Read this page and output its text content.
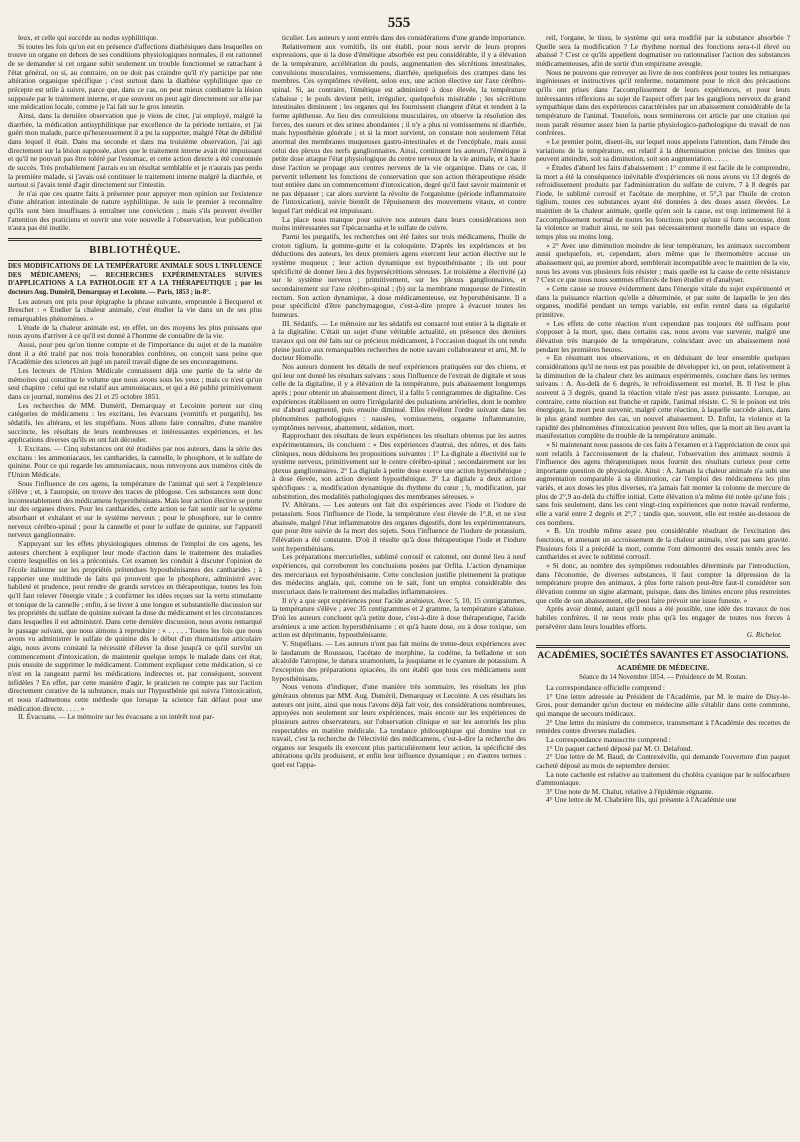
555

leux, et celle qui succède au nodus syphilitique.

Si toutes les fois qu'on est en présence d'affections diathésiques dans lesquelles on trouve un organe en dehors de ses conditions physiologiques normales, il est rationnel de se demander si cet organe subit seulement un trouble fonctionnel se rattachant à l'état général, ou si, au contraire, on ne doit pas craindre qu'il n'y participe par une altération organique spécifique ; c'est surtout dans la diathèse syphilitique que ce précepte est utile à suivre, parce que, dans ce cas, on peut mieux combattre la lésion supposée par le traitement interne, et que souvent on peut agir directement sur elle par une médication locale, comme je l'ai fait sur le gros intestin.

Ainsi, dans la dernière observation que je viens de citer, j'ai employé, malgré la diarrhée, la médication antisyphilitique par excellence de la période tertiaire, et j'ai guéri mon malade, parce qu'heureusement il a pu la supporter, malgré l'état de débilité dans lequel il était. Dans ma seconde et dans ma troisième observation, j'ai agi directement sur la lésion supposée, alors que le traitement interne avait été impuissant et qu'il ne pouvait pas être toléré par l'estomac, et cette action directe a été couronnée de succès. Très probablement j'aurais eu un résultat semblable et je n'aurais pas perdu la première malade, si j'avais osé continuer le traitement interne malgré la diarrhée, et surtout si j'avais tenté d'agir directement sur l'intestin.

Je n'ai que ces quatre faits à présenter pour appuyer mon opinion sur l'existence d'une altération intestinale de nature syphilitique. Je suis le premier à reconnaître qu'ils sont bien insuffisans à entraîner une conviction ; mais s'ils peuvent éveiller l'attention des praticiens et ouvrir une voie nouvelle à l'observation, leur publication n'aura pas été inutile.

BIBLIOTHÈQUE.

DES MODIFICATIONS DE LA TEMPÉRATURE ANIMALE SOUS L'INFLUENCE DES MÉDICAMENS; — RECHERCHES EXPÉRIMENTALES SUIVIES D'APPLICATIONS A LA PATHOLOGIE ET A LA THÉRAPEUTIQUE ; par les docteurs Aug. Duméril, Demarquay et Lecointe. — Paris, 1853 ; in-8°.

Les auteurs ont pris pour épigraphe la phrase suivante, empruntée à Becquerel et Breschet : « Étudier la chaleur animale, c'est étudier la vie dans un de ses plus remarquables phénomènes. »

L'étude de la chaleur animale est, en effet, un des moyens les plus puissans que nous ayons d'arriver à ce qu'il est donné à l'homme de connaître de la vie.

Aussi, pour peu qu'on tienne compte et de l'importance du sujet et de la manière dont il a été traité par nos trois honorables confrères, on conçoit sans peine que l'Académie des sciences ait jugé un pareil travail digne de ses encouragemens.

Les lecteurs de l'Union Médicale connaissent déjà une partie de la série de mémoires qui constitue le volume que nous avons sous les yeux ; mais ce n'est qu'un seul chapitre : celui qui est relatif aux ammoniacaux, et qui a été publié primitivement dans ce journal, numéros des 21 et 25 octobre 1851.

Les recherches de MM. Duméril, Demarquay et Lecointe portent sur cinq catégories de médicamens : les excitans, les évacuans (vomitifs et purgatifs), les sédatifs, les altérans, et les stupéfians. Nous allons faire connaître, d'une manière succincte, les résultats de leurs nombreuses et intéressantes expériences, et les applications diverses qu'ils en ont fait découler.

I. Excitans. — Cinq substances ont été étudiées par nos auteurs, dans la série des excitans : les ammoniacaux, les cantharides, la cannelle, le phosphore, et le sulfate de quinine. Pour ce qui regarde les ammoniacaux, nous renvoyons aux numéros cités de l'Union Médicale.

Sous l'influence de ces agens, la température de l'animal qui sert à l'expérience s'élève ; et, à l'autopsie, on trouve des traces de phlogose. Ces substances sont donc incontestablement des médicamens hypersthénisans. Mais leur action élective se porte sur des organes divers. Pour les cantharides, cette action se fait sentir sur le système absorbant et exhalant et sur le système nerveux ; pour le phosphore, sur le centre nerveux cérébro-spinal ; pour la cannelle et pour le sulfate de quinine, sur l'appareil nerveux ganglionnaire.

S'appuyant sur les effets physiologiques obtenus de l'emploi de ces agens, les auteurs cherchent à expliquer leur mode d'action dans le traitement des maladies contre lesquelles on les a préconisés. Cet examen les conduit à discuter l'opinion de l'école italienne sur les propriétés prétendues hyposthénisantes des cantharides ; à rapporter une multitude de faits qui prouvent que le phosphore, administré avec habileté et prudence, peut rendre de grands services en thérapeutique, toutes les fois qu'il faut relever l'énergie vitale ; à confirmer les idées reçues sur la vertu stimulante et tonique de la cannelle ; enfin, à se livrer à une longue et substantielle discussion sur les propriétés du sulfate de quinine suivant la dose du médicament et les circonstances dans lesquelles il est administré. Dans cette dernière discussion, nous avons remarqué le passage suivant, que nous aimons à reproduire : « . . . . . Toutes les fois que nous avons vu administrer le sulfate de quinine dès le début d'un rhumatisme articulaire aigu, nous avons constaté la nécessité d'élever la dose jusqu'à ce qu'il survînt un commencement d'intoxication, de maintenir quelque temps le malade dans cet état, puis ensuite de supprimer le médicament. Comment expliquer cette médication, si ce n'est en la rangeant parmi les médications indirectes et, par conséquent, souvent infidèles ? En effet, par cette manière d'agir, le praticien ne compte pas sur l'action directement curative de la substance, mais sur l'hyposthénie qui suivra l'intoxication, et nous n'admettons cette méthode que lorsque la science fait défaut pour une médication directe. . . . . »

II. Évacuans. — Le mémoire sur les évacuans a un intérêt tout par-

ticulier. Les auteurs y sont entrés dans des considérations d'une grande importance.

Relativement aux vomitifs, ils ont établi, pour nous servir de leurs propres expressions, que si la dose d'émétique absorbée est peu considérable, il y a élévation de la température, accélération du pouls, augmentation des sécrétions intestinales, convulsions musculaires, vomissemens, diarrhée, quelquefois des crampes dans les membres. Ces symptômes révèlent, selon eux, une action élective sur l'axe cérébro-spinal. Si, au contraire, l'émétique est administré à dose élevée, la température s'abaisse ; le pouls devient petit, irrégulier, quelquefois misérable ; les sécrétions intestinales diminuent ; les organes qui les fournissent changent d'état et tendent à la forme aphtheuse. Au lieu des convulsions musculaires, on observe la résolution des forces, des sueurs et des urines abondantes ; il n'y a plus ni vomissemens ni diarrhée, mais hyposthénie générale ; et si la mort survient, on constate non seulement l'état anormal des membranes muqueuses gastro-intestinales et de l'encéphale, mais aussi celui des plexus des nerfs ganglionnaires. Ainsi, continuent les auteurs, l'émétique à petite dose attaque l'état physiologique du centre nerveux de la vie animale, et à haute dose l'action se propage aux centres nerveux de la vie organique. Dans ce cas, il pervertit tellement les fonctions de conservation que son action thérapeutique réside tout entière dans un commencement d'intoxication, degré qu'il faut savoir maintenir et ne pas dépasser ; car alors survient la révolte de l'organisme (période inflammatoire de l'intoxication), suivie bientôt de l'épuisement des mouvemens vitaux, et contre lequel l'art médical est impuissant.

La place nous manque pour suivre nos auteurs dans leurs considérations non moins intéressantes sur l'ipécacuanha et le sulfate de cuivre.

Parmi les purgatifs, les recherches ont été faites sur trois médicamens, l'huile de croton tiglium, la gomme-gutte et la coloquinte. D'après les expériences et les déductions des auteurs, les deux premiers agens exercent leur action élective sur le système muqueux ; leur action dynamique est hyposthénisante ; ils ont pour spécificité de donner lieu à des hypersécrétions séreuses. Le troisième a électivité (a) sur le système nerveux ; primitivement, sur les plexus ganglionnaires, et secondairement sur l'axe cérébro-spinal ; (b) sur la membrane muqueuse de l'intestin rectum. Son action dynamique, à dose médicamenteuse, est hypersthénisante. Il a pour spécificité d'être panchymagogue, c'est-à-dire propre à évacuer toutes les humeurs.

III. Sédatifs. — Le mémoire sur les sédatifs est consacré tout entier à la digitale et à la digitaline. C'était un sujet d'une véritable actualité, en présence des derniers travaux qui ont été faits sur ce précieux médicament, à l'occasion duquel ils ont rendu pleine justice aux remarquables recherches de notre savant collaborateur et ami, M. le docteur Homolle.

Nos auteurs donnent les détails de neuf expériences pratiquées sur des chiens, et qui leur ont donné les résultats suivans : sous l'influence de l'extrait de digitale et sous celle de la digitaline, il y a élévation de la température, puis abaissement longtemps après ; pour obtenir un abaissement direct, il a fallu 5 centigrammes de digitaline. Ces expériences établissent en outre l'irrégularité des pulsations artérielles, dont le nombre est d'abord augmenté, puis ensuite diminué. Elles révèlent l'ordre suivant dans les phénomènes pathologiques : nausées, vomissemens, orgasme inflammatoire, symptômes nerveux, abattement, sédation, mort.

Rapprochant des résultats de leurs expériences les résultats obtenus par les autres expérimentateurs, ils concluent : « Des expériences d'autrui, des nôtres, et des faits cliniques, nous déduisons les propositions suivantes : 1° La digitale a électivité sur le système nerveux, primitivement sur le centre cérébro-spinal ; secondairement sur les plexus ganglionnaires. 2° La digitale à petite dose exerce une action hypersthénique ; à dose élevée, son action devient hyposthénique. 3° La digitale a deux actions spécifiques : a, modification dynamique du rhythme du cœur ; b, modification, par substitution, des modalités pathologiques des membranes séreuses. »

IV. Altérans. — Les auteurs ont fait dix expériences avec l'iode et l'iodure de potassium. Sous l'influence de l'iode, la température s'est élevée de 1°,8, et ne s'est abaissée, malgré l'état inflammatoire des organes digestifs, dont les expérimentateurs, que pour être suivie de la mort des sujets. Sous l'influence de l'iodure de potassium, l'élévation a été constante. D'où il résulte qu'à dose thérapeutique l'iode et l'iodure sont hypersthénisans.

Les préparations mercurielles, sublimé corrosif et calomel, ont donné lieu à neuf expériences, qui corroborent les conclusions posées par Orfila. L'action dynamique des mercuriaux est hyposthénisante. Cette conclusion justifie pleinement la pratique des médecins anglais, qui, comme on le sait, font un emploi considérable des mercuriaux dans le traitement des maladies inflammatoires.

Il n'y a que sept expériences pour l'acide arsénieux. Avec 5, 10, 15 centigrammes, la température s'élève ; avec 35 centigrammes et 2 gramme, la température s'abaisse. D'où les auteurs concluent qu'à petite dose, c'est-à-dire à dose thérapeutique, l'acide arsénieux a une action hypersthénisante ; et qu'à haute dose, ou à dose toxique, son action est déprimante, hyposthénisante.

V. Stupéfians. — Les auteurs n'ont pas fait moins de trente-deux expériences avec le laudanum de Rousseau, l'acétate de morphine, la codéine, la belladone et son alcaloïde l'atropine, le datura stramonium, la jusquiame et le cyanure de potassium. A l'exception des préparations opiacées, ils ont établi que tous ces médicamens sont hyposthénisans.

Nous venons d'indiquer, d'une manière très sommaire, les résultats les plus généraux obtenus par MM. Aug. Duméril, Demarquay et Lecointe. A ces résultats les auteurs ont joint, ainsi que nous l'avons déjà fait voir, des considérations nombreuses, appuyées non seulement sur leurs expériences, mais encore sur les expériences de plusieurs autres observateurs, sur l'observation clinique et sur les autorités les plus respectables en matière médicale. La tendance philosophique qui domine tout ce travail, c'est la recherche de l'électivité des médicamens, c'est-à-dire la recherche des organes sur lesquels ils exercent plus particulièrement leur action, la spécificité des altérations qu'ils produisent, et enfin leur influence dynamique ; en d'autres termes : quel est l'appa-

reil, l'organe, le tissu, le système qui sera modifié par la substance absorbée ? Quelle sera la modification ? Le rhythme normal des fonctions sera-t-il élevé ou abaissé ? C'est ce qu'ils appellent dogmatiser ou rationnaliser l'action des substances médicamenteuses, afin de sortir d'un empirisme aveugle.

Nous ne pouvons que renvoyer au livre de nos confrères pour toutes les remarques ingénieuses et instructives qu'il renferme, notamment pour le récit des précautions qu'ils ont prises dans l'accomplissement de leurs expériences, et pour leurs intéressantes réflexions au sujet de l'aspect offert par les ganglions nerveux du grand sympathique dans des expériences caractérisées par un abaissement considérable de la température de l'animal. Toutefois, nous terminerons cet article par une citation qui nous paraît résumer assez bien la partie physiologico-pathologique du travail de nos confrères.

« Le premier point, disent-ils, sur lequel nous appelons l'attention, dans l'étude des variations de la température, est relatif à la détermination précise des limites que peuvent atteindre, soit sa diminution, soit son augmentation. . . . .

« Études d'abord les faits d'abaissement : 1° comme il est facile de le comprendre, la mort a été la conséquence inévitable d'expériences où nous avons vu 13 degrés de refroidissement produits par l'administration du sulfate de cuivre, 7 à 8 degrés par l'iode, le sublimé corrosif et l'acétate de morphine, et 5°,3 par l'huile de croton tiglium, toutes ces substances ayant été données à des doses assez élevées. Le maintien de la chaleur animale, quelle qu'en soit la cause, est trop intimement lié à l'accomplissement normal de toutes les fonctions pour qu'une si forte secousse, dont la violence se traduit ainsi, ne soit pas nécessairement mortelle dans un espace de temps plus ou moins long.

« 2° Avec une diminution moindre de leur température, les animaux succombent aussi quelquefois, et, cependant, alors même que le thermomètre accuse un abaissement qui, au premier abord, semblerait incompatible avec le maintien de la vie, nous les avons vus plusieurs fois résister ; mais quelle est la cause de cette résistance ? C'est ce que nous nous sommes efforcés de bien étudier et d'analyser.

« Cette cause se trouve évidemment dans l'énergie vitale du sujet expérimenté et dans la puissance réaction qu'elle a déterminée, et par suite de laquelle le jeu des organes, modifié pendant un temps variable, est enfin rentré dans sa régularité primitive.

« Les effets de cette réaction n'ont cependant pas toujours été suffisans pour s'opposer à la mort, que, dans certains cas, nous avons vue survenir, malgré une élévation très marquée de la température, coïncidant avec un abaissement noté pendant les premières heures.

« En résumant nos observations, et en déduisant de leur ensemble quelques considérations qu'il ne nous est pas possible de développer ici, on peut, relativement à la diminution de la chaleur chez les animaux expérimentés, conclure dans les termes suivans : A. Au-delà de 6 degrés, le refroidissement est mortel. B. Il l'est le plus souvent à 3 degrés, quand la réaction vitale n'est pas assez puissante. Lorsque, au contraire, cette réaction est franche et rapide, l'animal résiste. C. Si le poison est très énergique, la mort peut survenir, malgré cette réaction, à laquelle succède alors, dans le plus grand nombre des cas, un nouvel abaissement. D. Enfin, la violence et la rapidité des phénomènes d'intoxication peuvent être telles, que la mort ait lieu avant la manifestation complète du trouble de la température animale.

« Si maintenant nous passons de ces faits à l'examen et à l'appréciation de ceux qui sont relatifs à l'accroissement de la chaleur, l'observation des animaux soumis à l'influence des agens thérapeutiques nous fournit des résultats curieux pour cette importante question de physiologie. Ainsi : A. Jamais la chaleur animale n'a subi une augmentation comparable à sa diminution, car l'emploi des médicamens les plus variés, et aux doses les plus diverses, n'a jamais fait monter la colonne de mercure de plus de 2°,9 au-delà du chiffre initial. Cette élévation n'a même été notée qu'une fois ; sans fois seulement, dans les cent vingt-cinq expériences que notre travail renferme, elle a varié entre 2 degrés et 2°,7 ; tandis que, souvent, elle est restée au-dessous de ces nombres.

« B. Un trouble même assez peu considérable résultant de l'excitation des fonctions, et amenant un accroissement de la chaleur animale, n'est pas sans gravité. Plusieurs fois il a précédé la mort, comme l'ont démontré des essais tentés avec les cantharides et avec le sublimé corrosif.

« Si donc, au nombre des symptômes redoutables déterminés par l'introduction, dans l'économie, de diverses substances, il faut compter la dépression de la température propre des animaux, à plus forte raison peut-être faut-il considérer son élévation comme un signe alarmant, puisque, dans des limites encore plus restreintes que celle de son abaissement, elle peut faire prévoir une issue funeste. »

Après avoir donné, autant qu'il nous a été possible, une idée des travaux de nos habiles confrères, il ne nous reste plus qu'à les engager de toutes nos forces à persévérer dans leurs louables efforts.

G. Richelot.

ACADÉMIES, SOCIÉTÉS SAVANTES ET ASSOCIATIONS.
ACADÉMIE DE MÉDECINE.
Séance du 14 Novembre 1854. — Présidence de M. Rostan.

La correspondance officielle comprend :

1° Une lettre adressée au Président de l'Académie, par M. le maire de Disy-le-Gros, pour demander qu'un docteur en médecine aille s'établir dans cette commune, qui manque de secours médicaux.

2° Une lettre du ministre du commerce, transmettant à l'Académie des recettes de remèdes contre diverses maladies.

La correspondance manuscrite comprend :

1° Un paquet cacheté déposé par M. O. Delafond.

2° Une lettre de M. Baud, de Contrexéville, qui demande l'ouverture d'un paquet cacheté déposé au mois de septembre dernier.

La note cachetée est relative au traitement du choléra cyanique par le sulfocarbure d'ammoniaque.

3° Une note de M. Chalut, relative à l'épidémie régnante.

4° Une lettre de M. Chabrière fils, qui présente à l'Académie une
